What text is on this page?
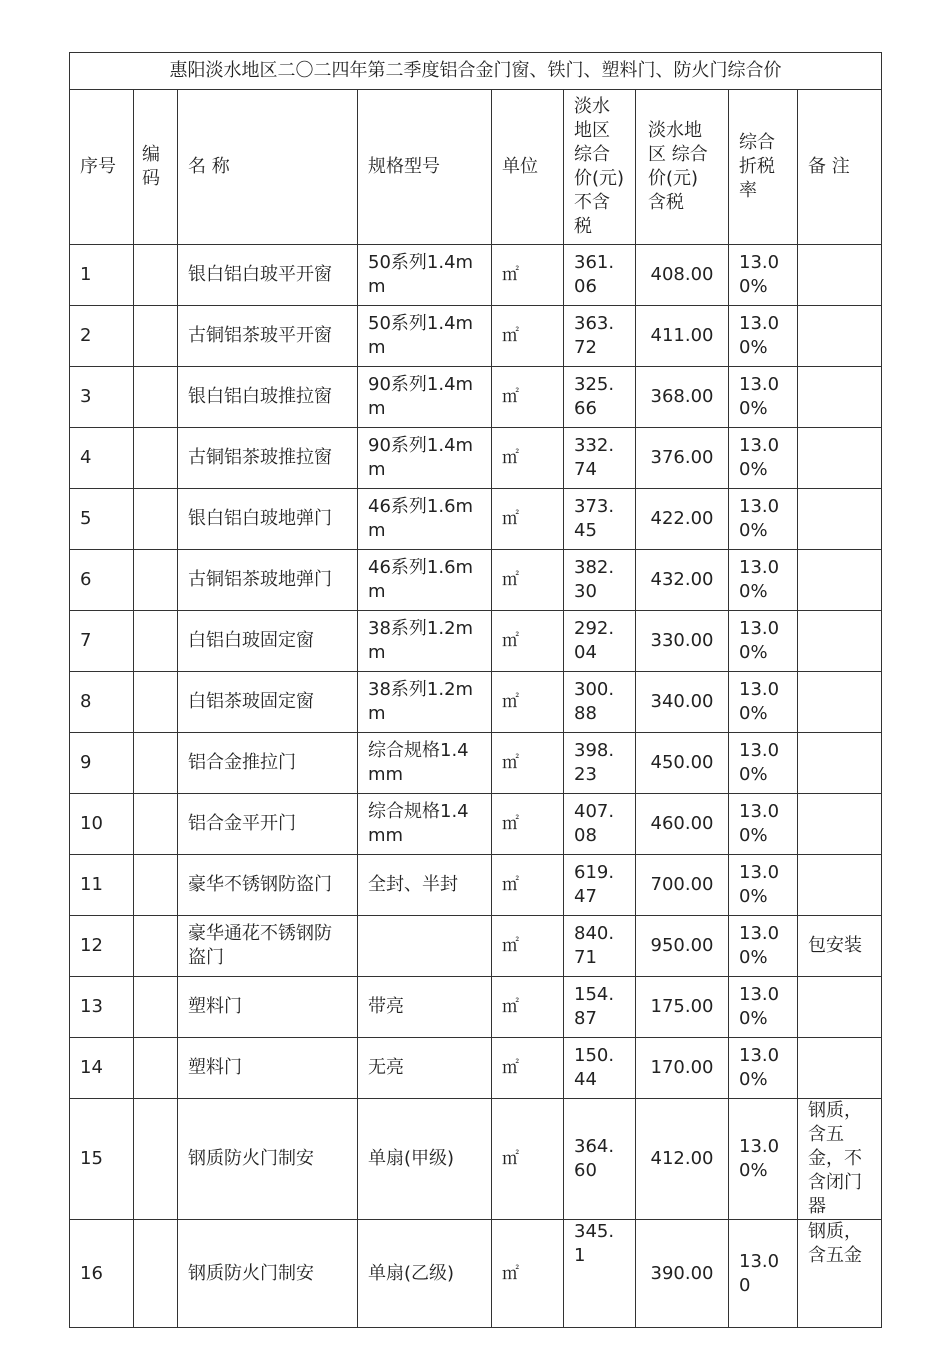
惠阳淡水地区二〇二四年第二季度铝合金门窗、铁门、塑料门、防火门综合价								
序号	编码	名 称	规格型号	单位	淡水地区 综合价(元)不含税	淡水地区 综合价(元)含税	综合折税率	备 注
1		银白铝白玻平开窗	50系列1.4mm	㎡	361.06	408.00	13.00%	
2		古铜铝茶玻平开窗	50系列1.4mm	㎡	363.72	411.00	13.00%	
3		银白铝白玻推拉窗	90系列1.4mm	㎡	325.66	368.00	13.00%	
4		古铜铝茶玻推拉窗	90系列1.4mm	㎡	332.74	376.00	13.00%	
5		银白铝白玻地弹门	46系列1.6mm	㎡	373.45	422.00	13.00%	
6		古铜铝茶玻地弹门	46系列1.6mm	㎡	382.30	432.00	13.00%	
7		白铝白玻固定窗	38系列1.2mm	㎡	292.04	330.00	13.00%	
8		白铝茶玻固定窗	38系列1.2mm	㎡	300.88	340.00	13.00%	
9		铝合金推拉门	综合规格1.4mm	㎡	398.23	450.00	13.00%	
10		铝合金平开门	综合规格1.4mm	㎡	407.08	460.00	13.00%	
11		豪华不锈钢防盗门	全封、半封	㎡	619.47	700.00	13.00%	
12		豪华通花不锈钢防盗门		㎡	840.71	950.00	13.00%	包安装
13		塑料门	带亮	㎡	154.87	175.00	13.00%	
14		塑料门	无亮	㎡	150.44	170.00	13.00%	
15		钢质防火门制安	单扇(甲级)	㎡	364.60	412.00	13.00%	钢质，含五金，不含闭门器
16		钢质防火门制安	单扇(乙级)	㎡	345.1	390.00	13.00	钢质，含五金
